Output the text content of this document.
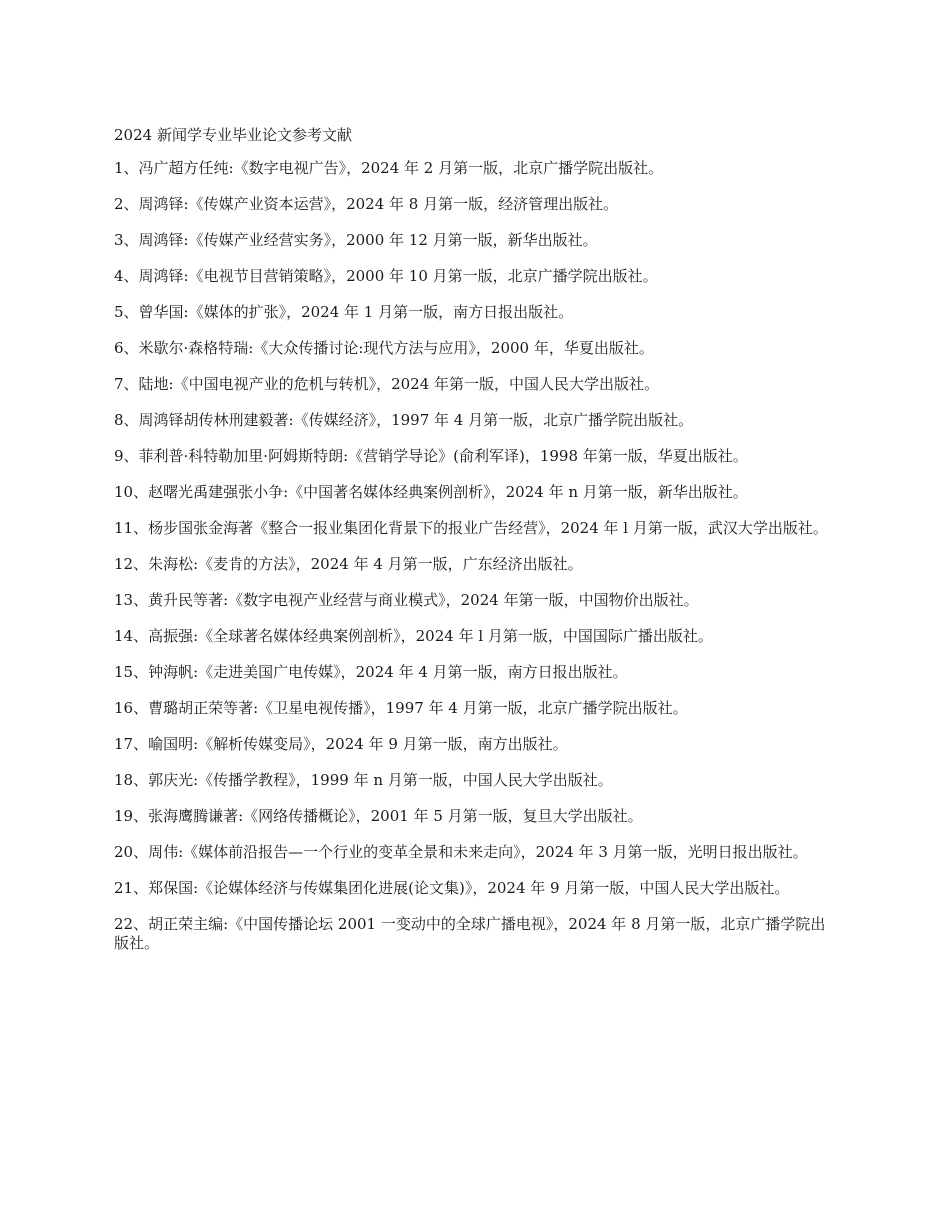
2024 新闻学专业毕业论文参考文献
1、冯广超方任纯:《数字电视广告》，2024 年 2 月第一版，北京广播学院出版社。
2、周鸿铎:《传媒产业资本运营》，2024 年 8 月第一版，经济管理出版社。
3、周鸿铎:《传媒产业经营实务》，2000 年 12 月第一版，新华出版社。
4、周鸿铎:《电视节目营销策略》，2000 年 10 月第一版，北京广播学院出版社。
5、曾华国:《媒体的扩张》，2024 年 1 月第一版，南方日报出版社。
6、米歇尔·森格特瑞:《大众传播讨论:现代方法与应用》，2000 年，华夏出版社。
7、陆地:《中国电视产业的危机与转机》，2024 年第一版，中国人民大学出版社。
8、周鸿铎胡传林刑建毅著:《传媒经济》，1997 年 4 月第一版，北京广播学院出版社。
9、菲利普·科特勒加里·阿姆斯特朗:《营销学导论》(俞利军译)，1998 年第一版，华夏出版社。
10、赵曙光禹建强张小争:《中国著名媒体经典案例剖析》，2024 年 n 月第一版，新华出版社。
11、杨步国张金海著《整合一报业集团化背景下的报业广告经营》，2024 年 l 月第一版，武汉大学出版社。
12、朱海松:《麦肯的方法》，2024 年 4 月第一版，广东经济出版社。
13、黄升民等著:《数字电视产业经营与商业模式》，2024 年第一版，中国物价出版社。
14、高振强:《全球著名媒体经典案例剖析》，2024 年 l 月第一版，中国国际广播出版社。
15、钟海帆:《走进美国广电传媒》，2024 年 4 月第一版，南方日报出版社。
16、曹璐胡正荣等著:《卫星电视传播》，1997 年 4 月第一版，北京广播学院出版社。
17、喻国明:《解析传媒变局》，2024 年 9 月第一版，南方出版社。
18、郭庆光:《传播学教程》，1999 年 n 月第一版，中国人民大学出版社。
19、张海鹰腾谦著:《网络传播概论》，2001 年 5 月第一版，复旦大学出版社。
20、周伟:《媒体前沿报告—一个行业的变革全景和未来走向》，2024 年 3 月第一版，光明日报出版社。
21、郑保国:《论媒体经济与传媒集团化进展(论文集)》，2024 年 9 月第一版，中国人民大学出版社。
22、胡正荣主编:《中国传播论坛 2001 一变动中的全球广播电视》，2024 年 8 月第一版，北京广播学院出版社。
